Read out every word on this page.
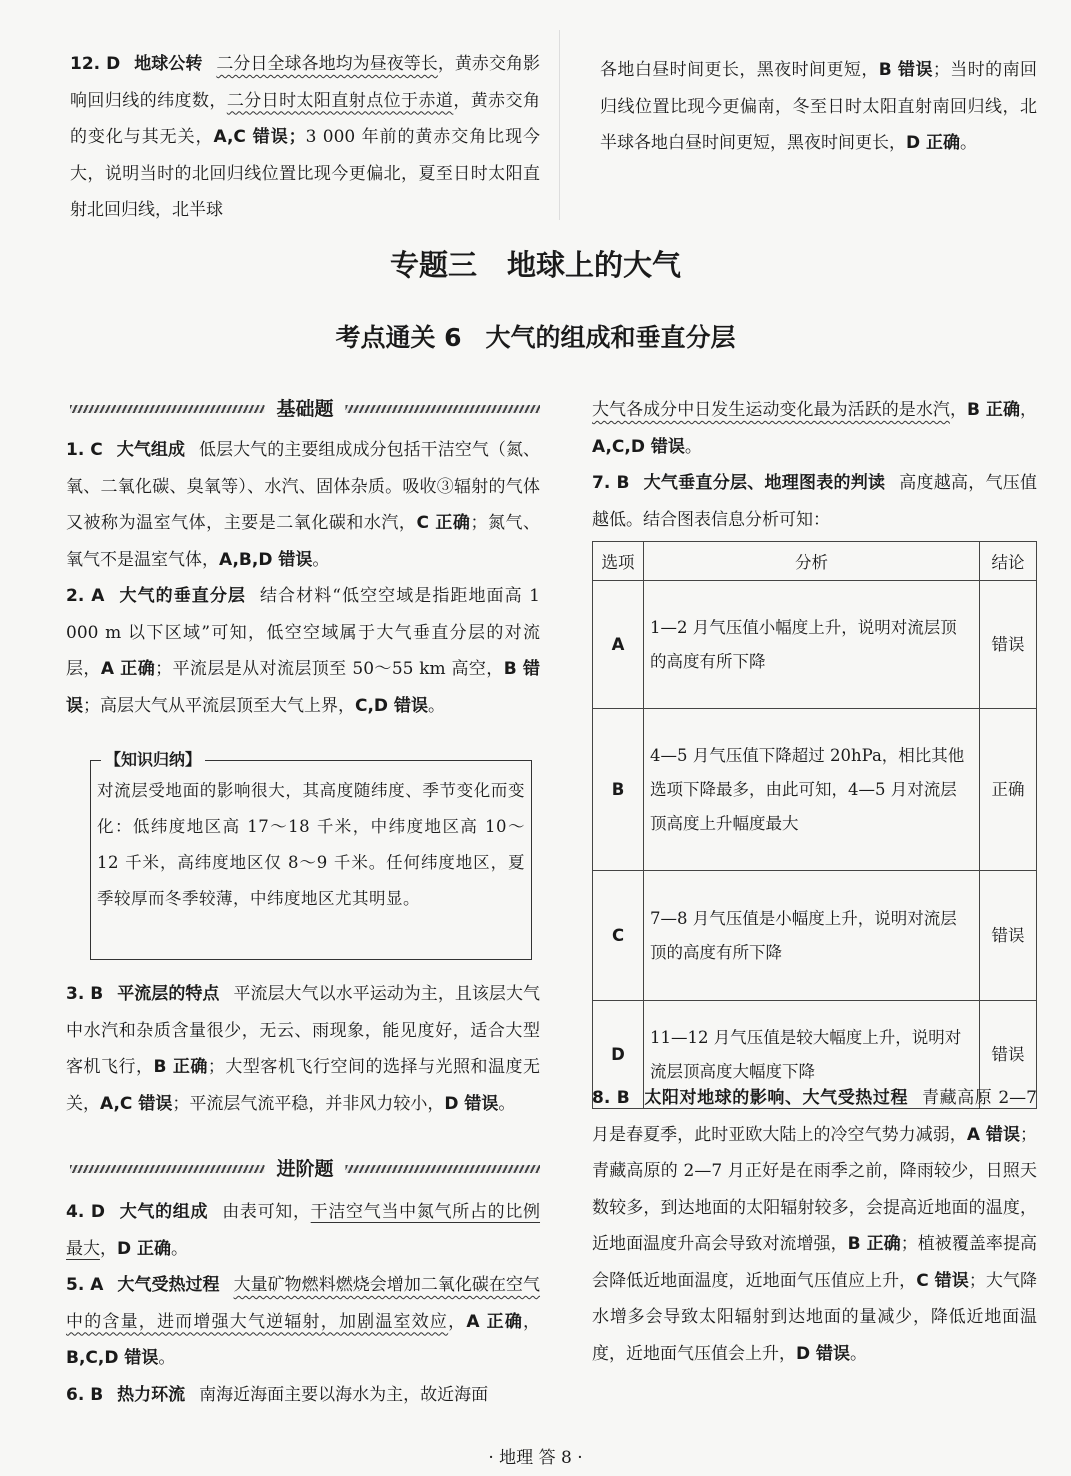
12. D 地球公转 二分日全球各地均为昼夜等长，黄赤交角影响回归线的纬度数，二分日时太阳直射点位于赤道，黄赤交角的变化与其无关，A,C 错误；3 000 年前的黄赤交角比现今大，说明当时的北回归线位置比现今更偏北，夏至日时太阳直射北回归线，北半球

各地白昼时间更长，黑夜时间更短，B 错误；当时的南回归线位置比现今更偏南，冬至日时太阳直射南回归线，北半球各地白昼时间更短，黑夜时间更长，D 正确。

专题三 地球上的大气
考点通关 6 大气的组成和垂直分层
基础题

1. C 大气组成 低层大气的主要组成成分包括干洁空气（氮、氧、二氧化碳、臭氧等）、水汽、固体杂质。吸收③辐射的气体又被称为温室气体，主要是二氧化碳和水汽，C 正确；氮气、氧气不是温室气体，A,B,D 错误。

2. A 大气的垂直分层 结合材料“低空空域是指距地面高 1 000 m 以下区域”可知，低空空域属于大气垂直分层的对流层，A 正确；平流层是从对流层顶至 50～55 km 高空，B 错误；高层大气从平流层顶至大气上界，C,D 错误。

【知识归纳】
对流层受地面的影响很大，其高度随纬度、季节变化而变化：低纬度地区高 17～18 千米，中纬度地区高 10～12 千米，高纬度地区仅 8～9 千米。任何纬度地区，夏季较厚而冬季较薄，中纬度地区尤其明显。

3. B 平流层的特点 平流层大气以水平运动为主，且该层大气中水汽和杂质含量很少，无云、雨现象，能见度好，适合大型客机飞行，B 正确；大型客机飞行空间的选择与光照和温度无关，A,C 错误；平流层气流平稳，并非风力较小，D 错误。

进阶题

4. D 大气的组成 由表可知，干洁空气当中氮气所占的比例最大，D 正确。

5. A 大气受热过程 大量矿物燃料燃烧会增加二氧化碳在空气中的含量，进而增强大气逆辐射，加剧温室效应，A 正确，B,C,D 错误。

6. B 热力环流 南海近海面主要以海水为主，故近海面

大气各成分中日发生运动变化最为活跃的是水汽，B 正确，A,C,D 错误。

7. B 大气垂直分层、地理图表的判读 高度越高，气压值越低。结合图表信息分析可知：

选项	分析	结论
A	1—2 月气压值小幅度上升，说明对流层顶的高度有所下降	错误
B	4—5 月气压值下降超过 20hPa，相比其他选项下降最多，由此可知，4—5 月对流层顶高度上升幅度最大	正确
C	7—8 月气压值是小幅度上升，说明对流层顶的高度有所下降	错误
D	11—12 月气压值是较大幅度上升，说明对流层顶高度大幅度下降	错误

8. B 太阳对地球的影响、大气受热过程 青藏高原 2—7 月是春夏季，此时亚欧大陆上的冷空气势力减弱，A 错误；青藏高原的 2—7 月正好是在雨季之前，降雨较少，日照天数较多，到达地面的太阳辐射较多，会提高近地面的温度，近地面温度升高会导致对流增强，B 正确；植被覆盖率提高会降低近地面温度，近地面气压值应上升，C 错误；大气降水增多会导致太阳辐射到达地面的量减少，降低近地面温度，近地面气压值会上升，D 错误。

· 地理 答 8 ·
